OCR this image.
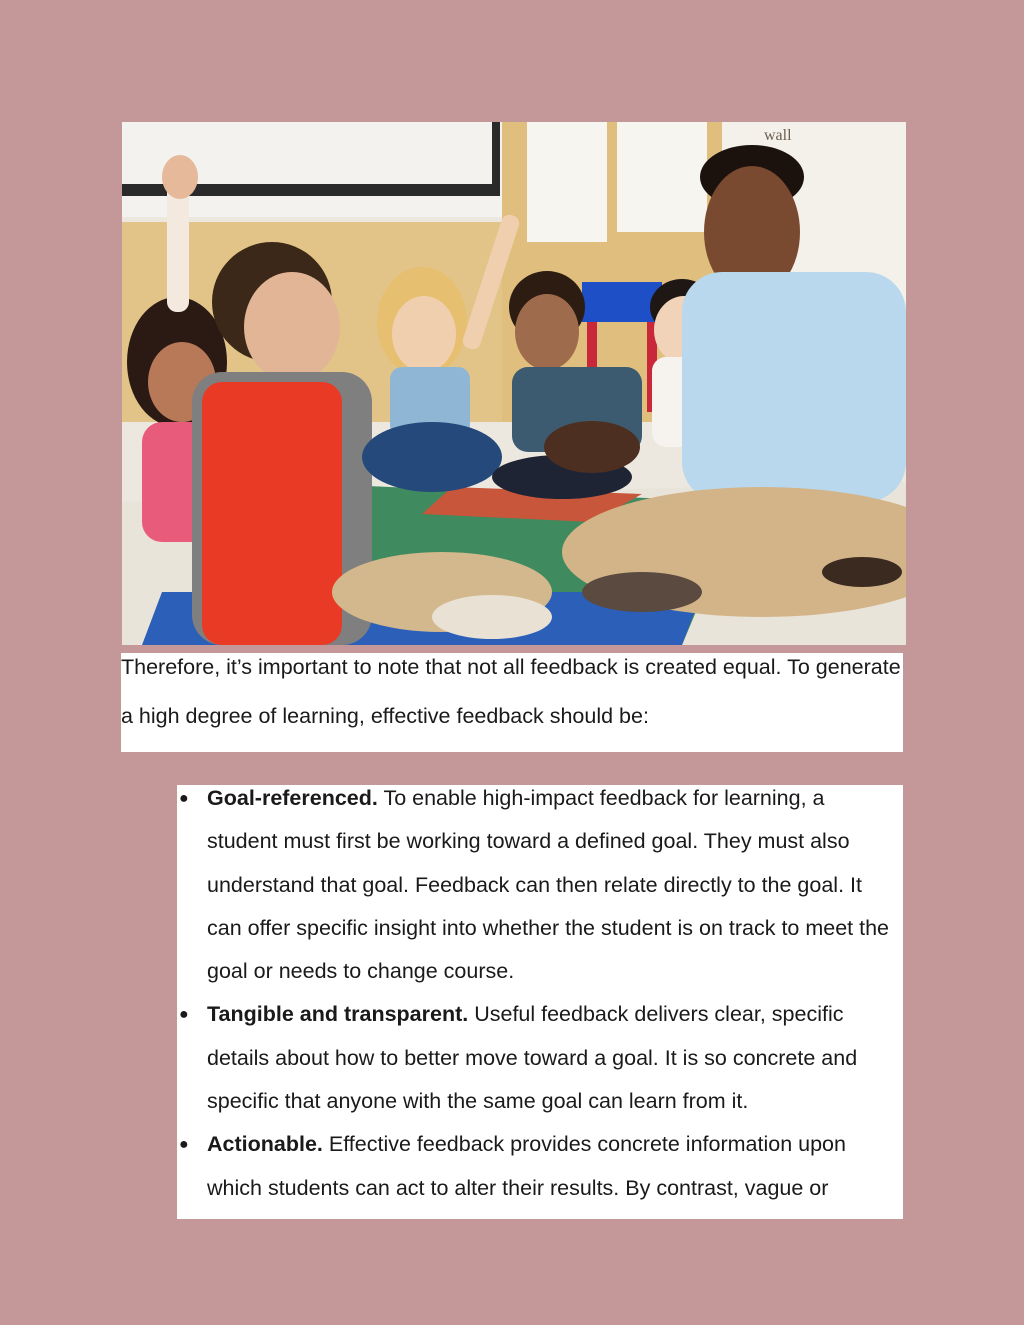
wall

Therefore, it’s important to note that not all feedback is created equal. To generate a high degree of learning, effective feedback should be:

● Goal-referenced. To enable high-impact feedback for learning, a student must first be working toward a defined goal. They must also understand that goal. Feedback can then relate directly to the goal. It can offer specific insight into whether the student is on track to meet the goal or needs to change course.
● Tangible and transparent. Useful feedback delivers clear, specific details about how to better move toward a goal. It is so concrete and specific that anyone with the same goal can learn from it.
● Actionable. Effective feedback provides concrete information upon which students can act to alter their results. By contrast, vague or
